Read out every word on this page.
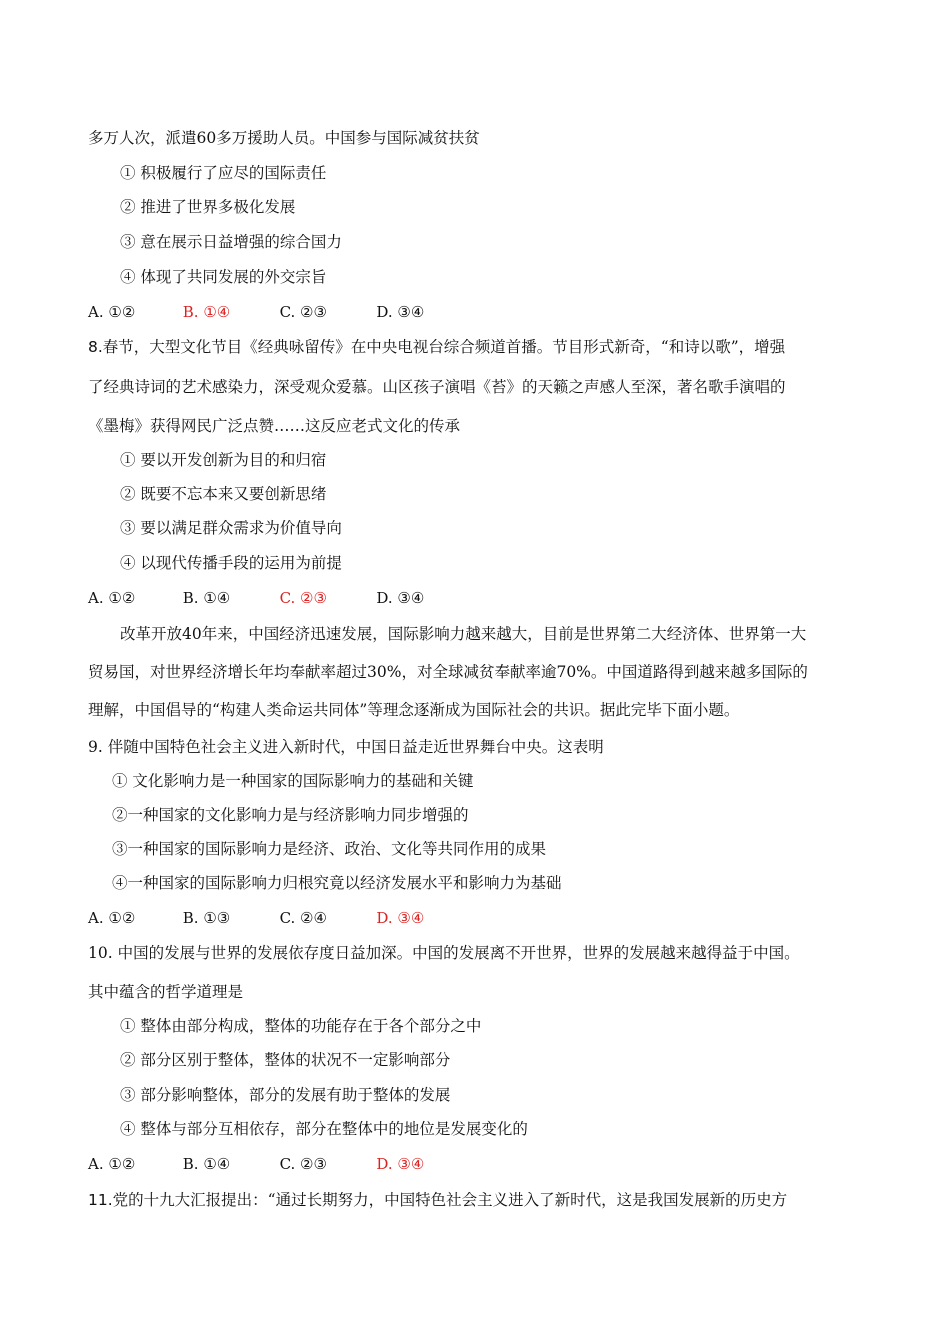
多万人次，派遣60多万援助人员。中国参与国际减贫扶贫
① 积极履行了应尽的国际责任
② 推进了世界多极化发展
③ 意在展示日益增强的综合国力
④ 体现了共同发展的外交宗旨
A. ①②	B. ①④	C. ②③	D. ③④
8.春节，大型文化节目《经典咏留传》在中央电视台综合频道首播。节目形式新奇，“和诗以歌”，增强
了经典诗词的艺术感染力，深受观众爱慕。山区孩子演唱《苔》的天籁之声感人至深，著名歌手演唱的
《墨梅》获得网民广泛点赞……这反应老式文化的传承
① 要以开发创新为目的和归宿
② 既要不忘本来又要创新思绪
③ 要以满足群众需求为价值导向
④ 以现代传播手段的运用为前提
A. ①②	B. ①④	C. ②③	D. ③④
改革开放40年来，中国经济迅速发展，国际影响力越来越大，目前是世界第二大经济体、世界第一大
贸易国，对世界经济增长年均奉献率超过30%，对全球减贫奉献率逾70%。中国道路得到越来越多国际的
理解，中国倡导的“构建人类命运共同体”等理念逐渐成为国际社会的共识。据此完毕下面小题。
9. 伴随中国特色社会主义进入新时代，中国日益走近世界舞台中央。这表明
① 文化影响力是一种国家的国际影响力的基础和关键
②一种国家的文化影响力是与经济影响力同步增强的
③一种国家的国际影响力是经济、政治、文化等共同作用的成果
④一种国家的国际影响力归根究竟以经济发展水平和影响力为基础
A. ①②	B. ①③	C. ②④	D. ③④
10. 中国的发展与世界的发展依存度日益加深。中国的发展离不开世界，世界的发展越来越得益于中国。
其中蕴含的哲学道理是
① 整体由部分构成，整体的功能存在于各个部分之中
② 部分区别于整体，整体的状况不一定影响部分
③ 部分影响整体，部分的发展有助于整体的发展
④ 整体与部分互相依存，部分在整体中的地位是发展变化的
A. ①②	B. ①④	C. ②③	D. ③④
11.党的十九大汇报提出：“通过长期努力，中国特色社会主义进入了新时代，这是我国发展新的历史方
